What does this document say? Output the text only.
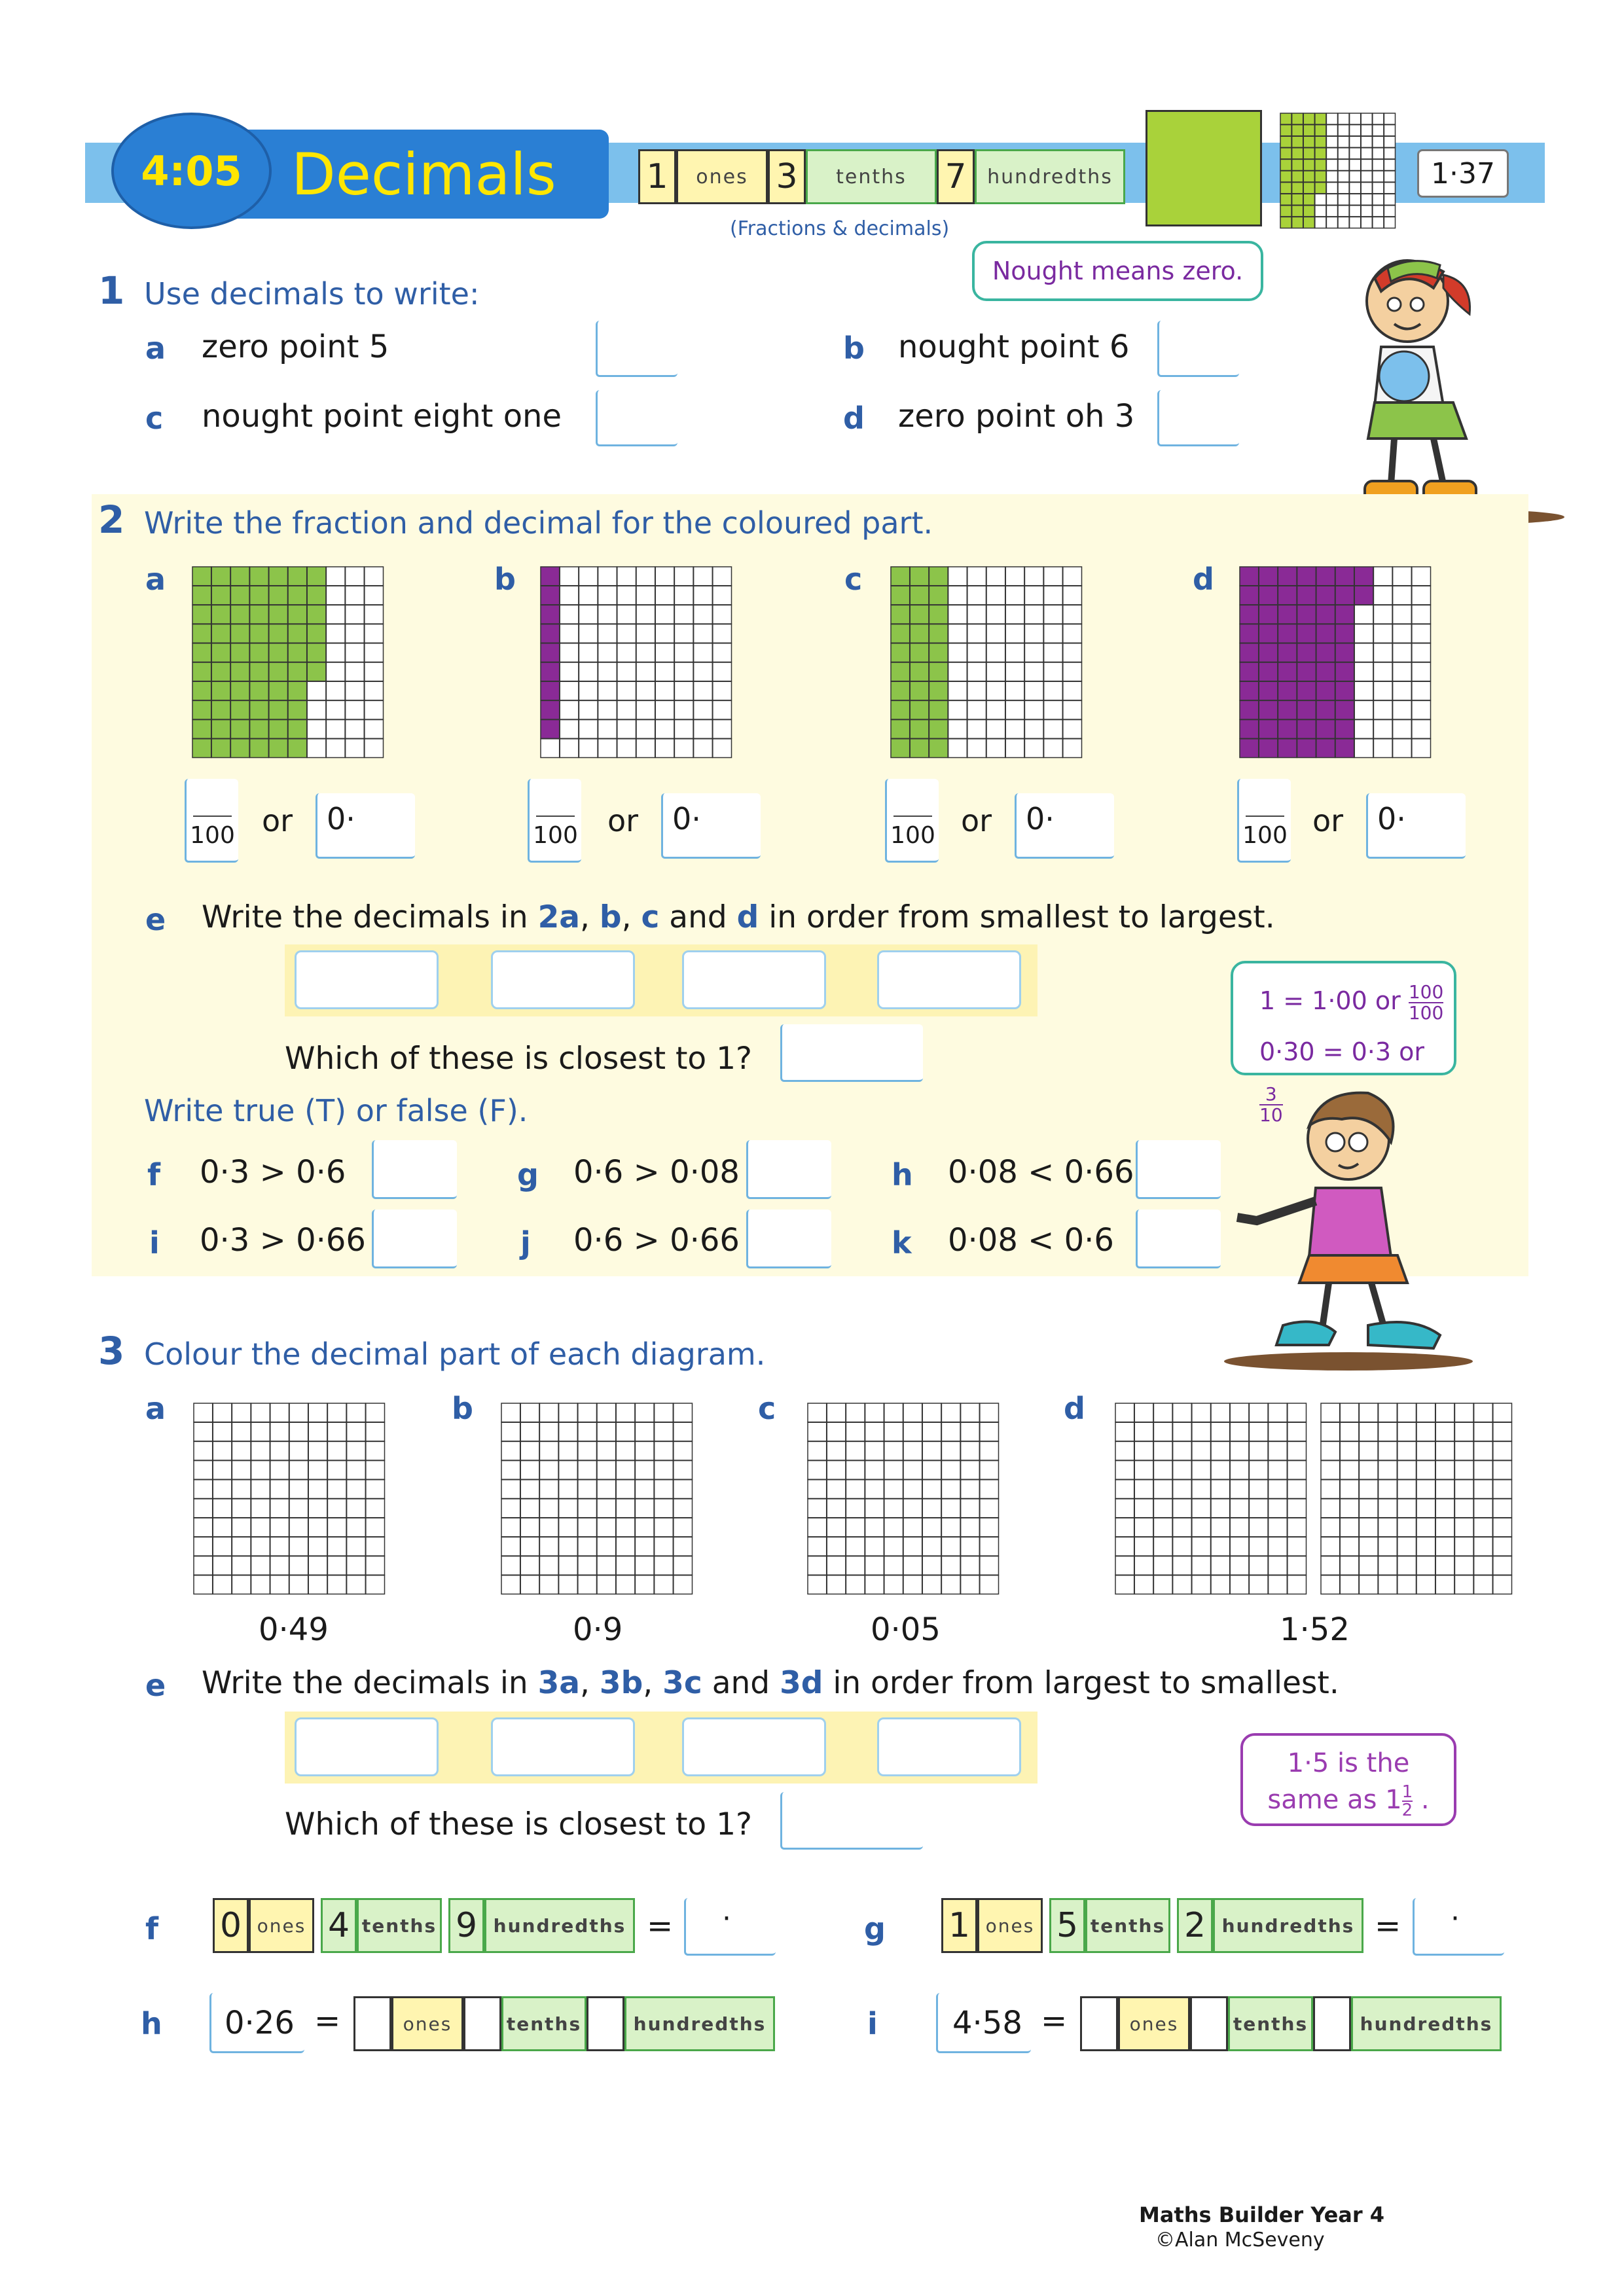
Decimals
4:05	1 ones 3 tenths 7 hundredths
(Fractions & decimals)
1·37
Nought means zero.
1 Use decimals to write:
a zero point 5	b nought point 6
c nought point eight one	d zero point oh 3
2 Write the fraction and decimal for the coloured part.
a	b	c	d
100 or	0·	100 or	0·	100 or	0·	100 or	0·
e Write the decimals in 2a, b, c and d in order from smallest to largest.
Which of these is closest to 1?
1 = 1·00 or $\frac{100}{100}$
0·30 = 0·3 or
$\frac{3}{10}$
Write true (T) or false (F).
f 0·3 > 0·6	g 0·6 > 0·08	h 0·08 < 0·66
i 0·3 > 0·66	j 0·6 > 0·66	k 0·08 < 0·6
3 Colour the decimal part of each diagram.
a	b	c	d
0·49	0·9	0·05	1·52
e Write the decimals in 3a, 3b, 3c and 3d in order from largest to smallest.
Which of these is closest to 1?
1·5 is the
same as $1 \frac{1}{2}$ .
f 0 ones 4 tenths 9 hundredths = ·	g 1 ones 5 tenths 2 hundredths = ·
h 0·26 =	ones	tenths	hundredths	i 4·58 =	ones	tenths	hundredths
Maths Builder Year 4
©Alan McSeveny
